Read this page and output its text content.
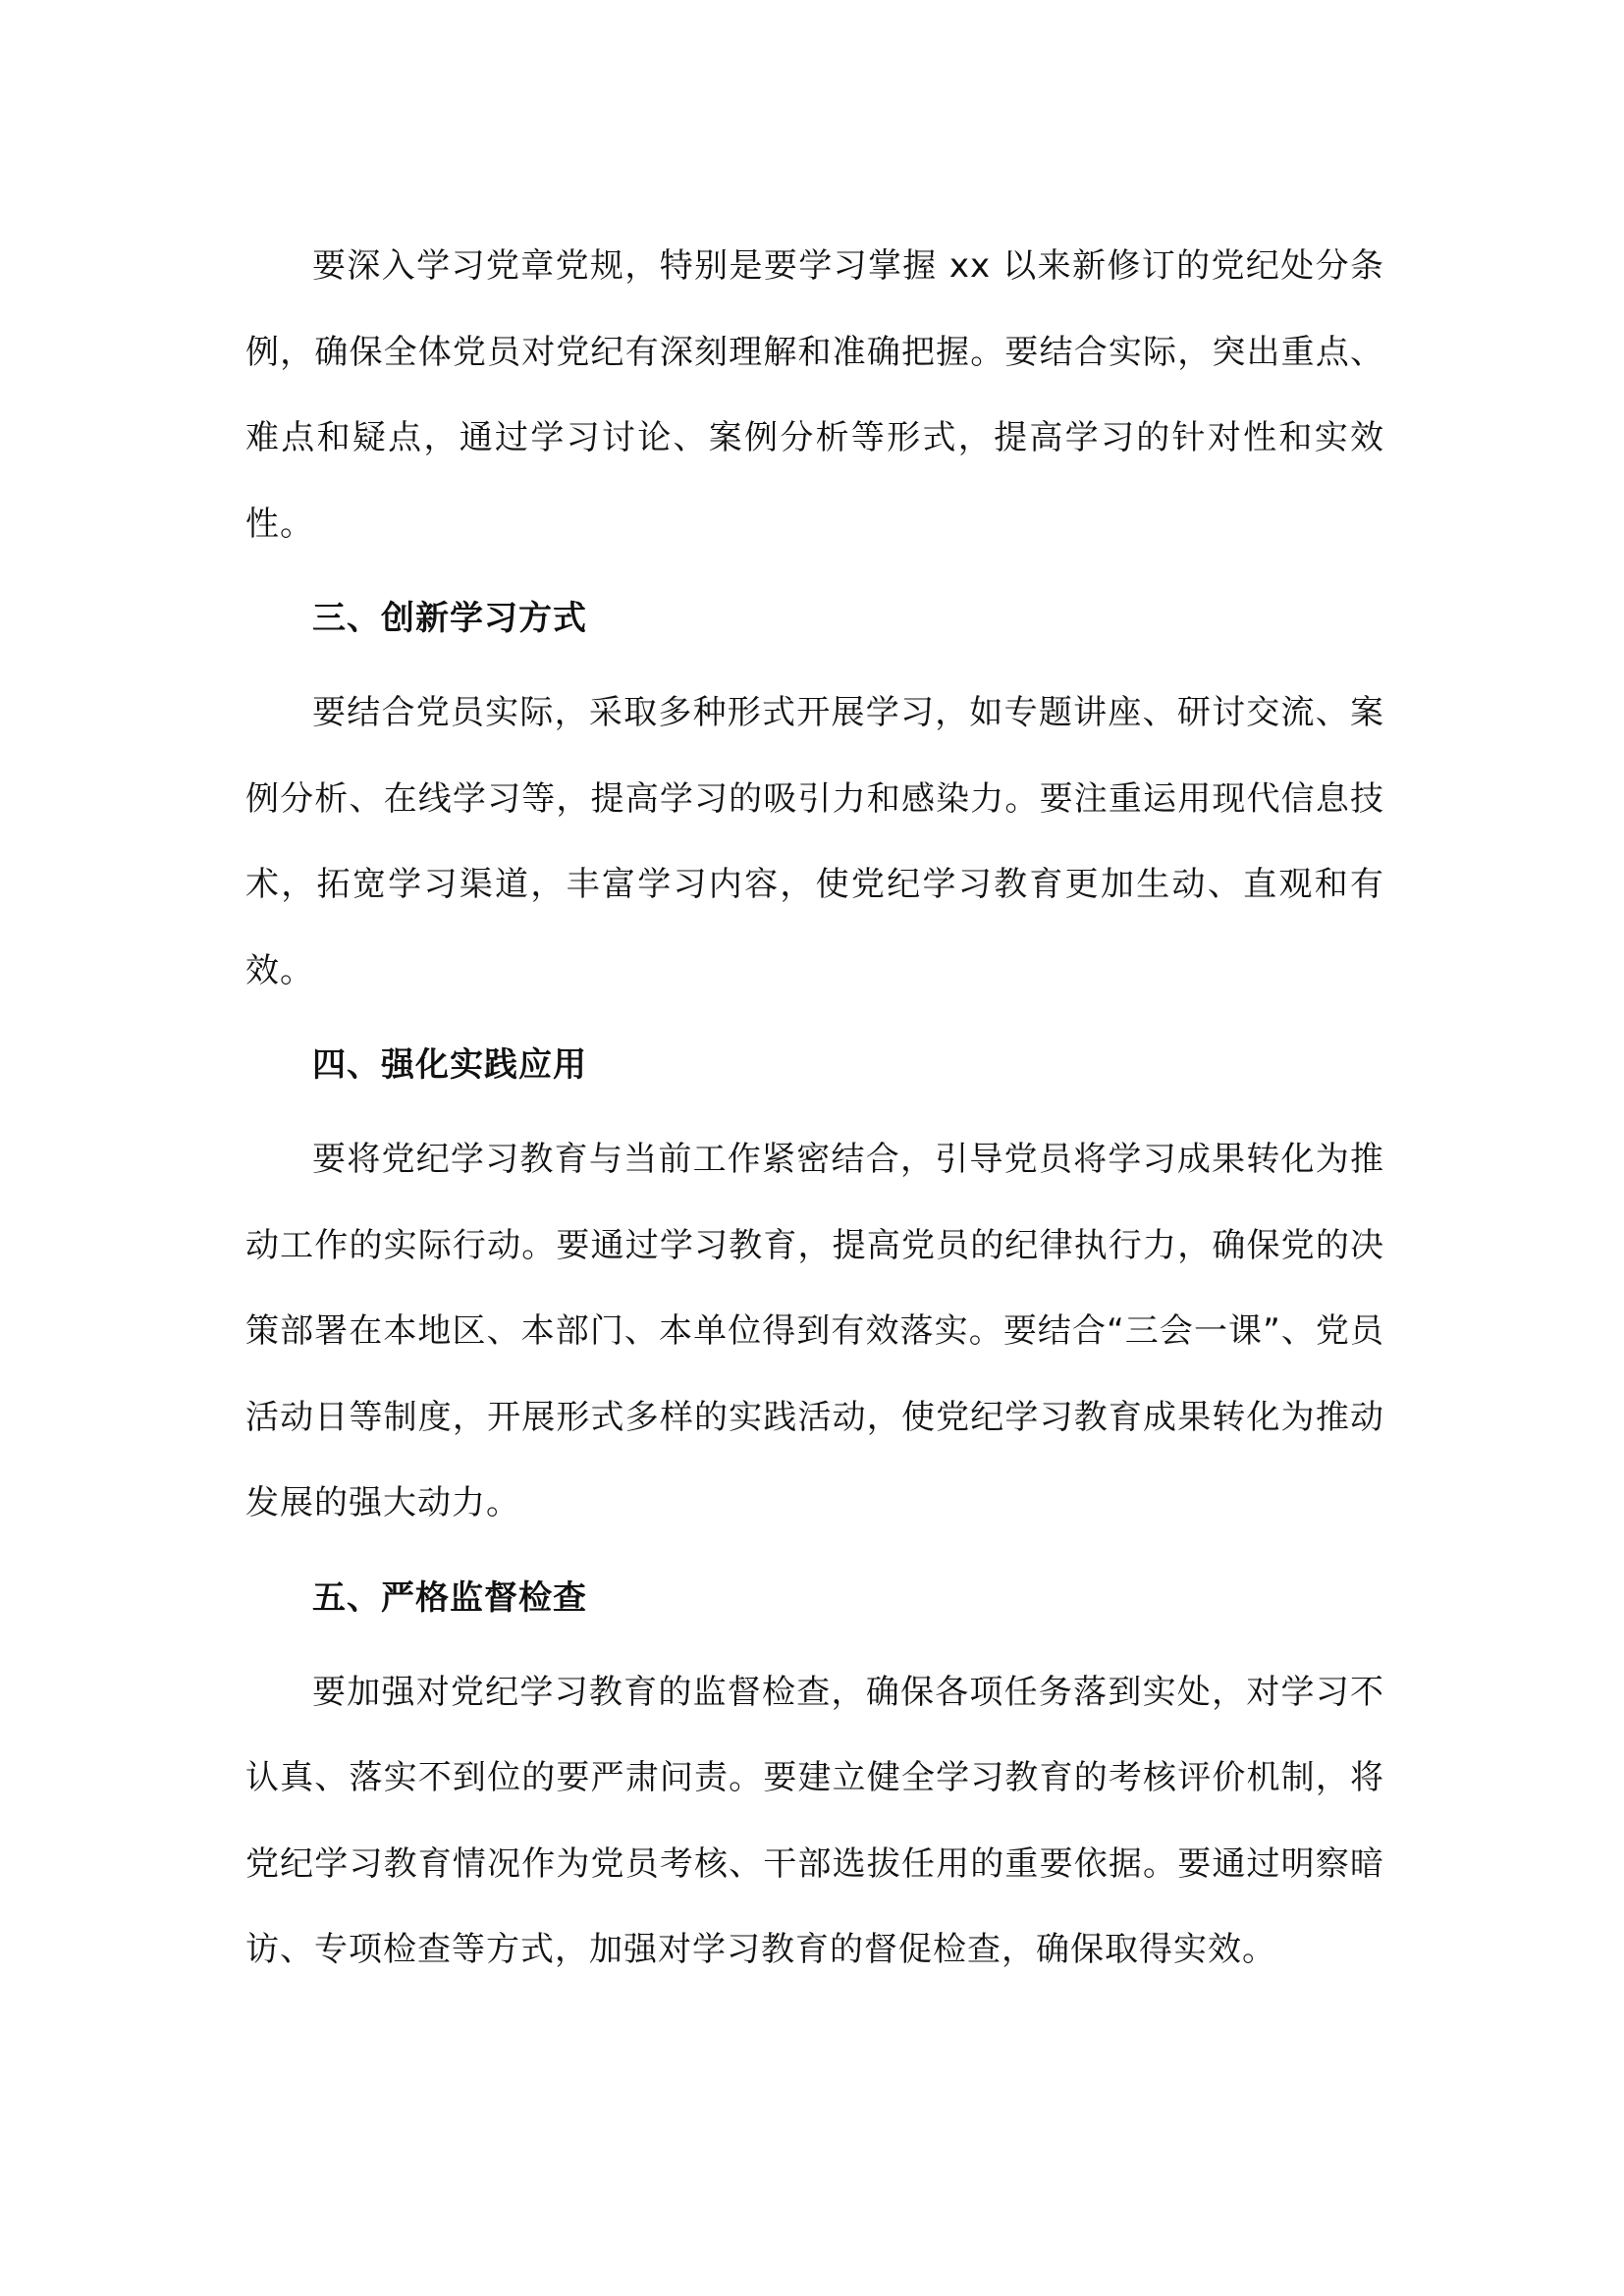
要深入学习党章党规，特别是要学习掌握 xx 以来新修订的党纪处分条例，确保全体党员对党纪有深刻理解和准确把握。要结合实际，突出重点、难点和疑点，通过学习讨论、案例分析等形式，提高学习的针对性和实效性。

三、创新学习方式

要结合党员实际，采取多种形式开展学习，如专题讲座、研讨交流、案例分析、在线学习等，提高学习的吸引力和感染力。要注重运用现代信息技术，拓宽学习渠道，丰富学习内容，使党纪学习教育更加生动、直观和有效。

四、强化实践应用

要将党纪学习教育与当前工作紧密结合，引导党员将学习成果转化为推动工作的实际行动。要通过学习教育，提高党员的纪律执行力，确保党的决策部署在本地区、本部门、本单位得到有效落实。要结合“三会一课”、党员活动日等制度，开展形式多样的实践活动，使党纪学习教育成果转化为推动发展的强大动力。

五、严格监督检查

要加强对党纪学习教育的监督检查，确保各项任务落到实处，对学习不认真、落实不到位的要严肃问责。要建立健全学习教育的考核评价机制，将党纪学习教育情况作为党员考核、干部选拔任用的重要依据。要通过明察暗访、专项检查等方式，加强对学习教育的督促检查，确保取得实效。
